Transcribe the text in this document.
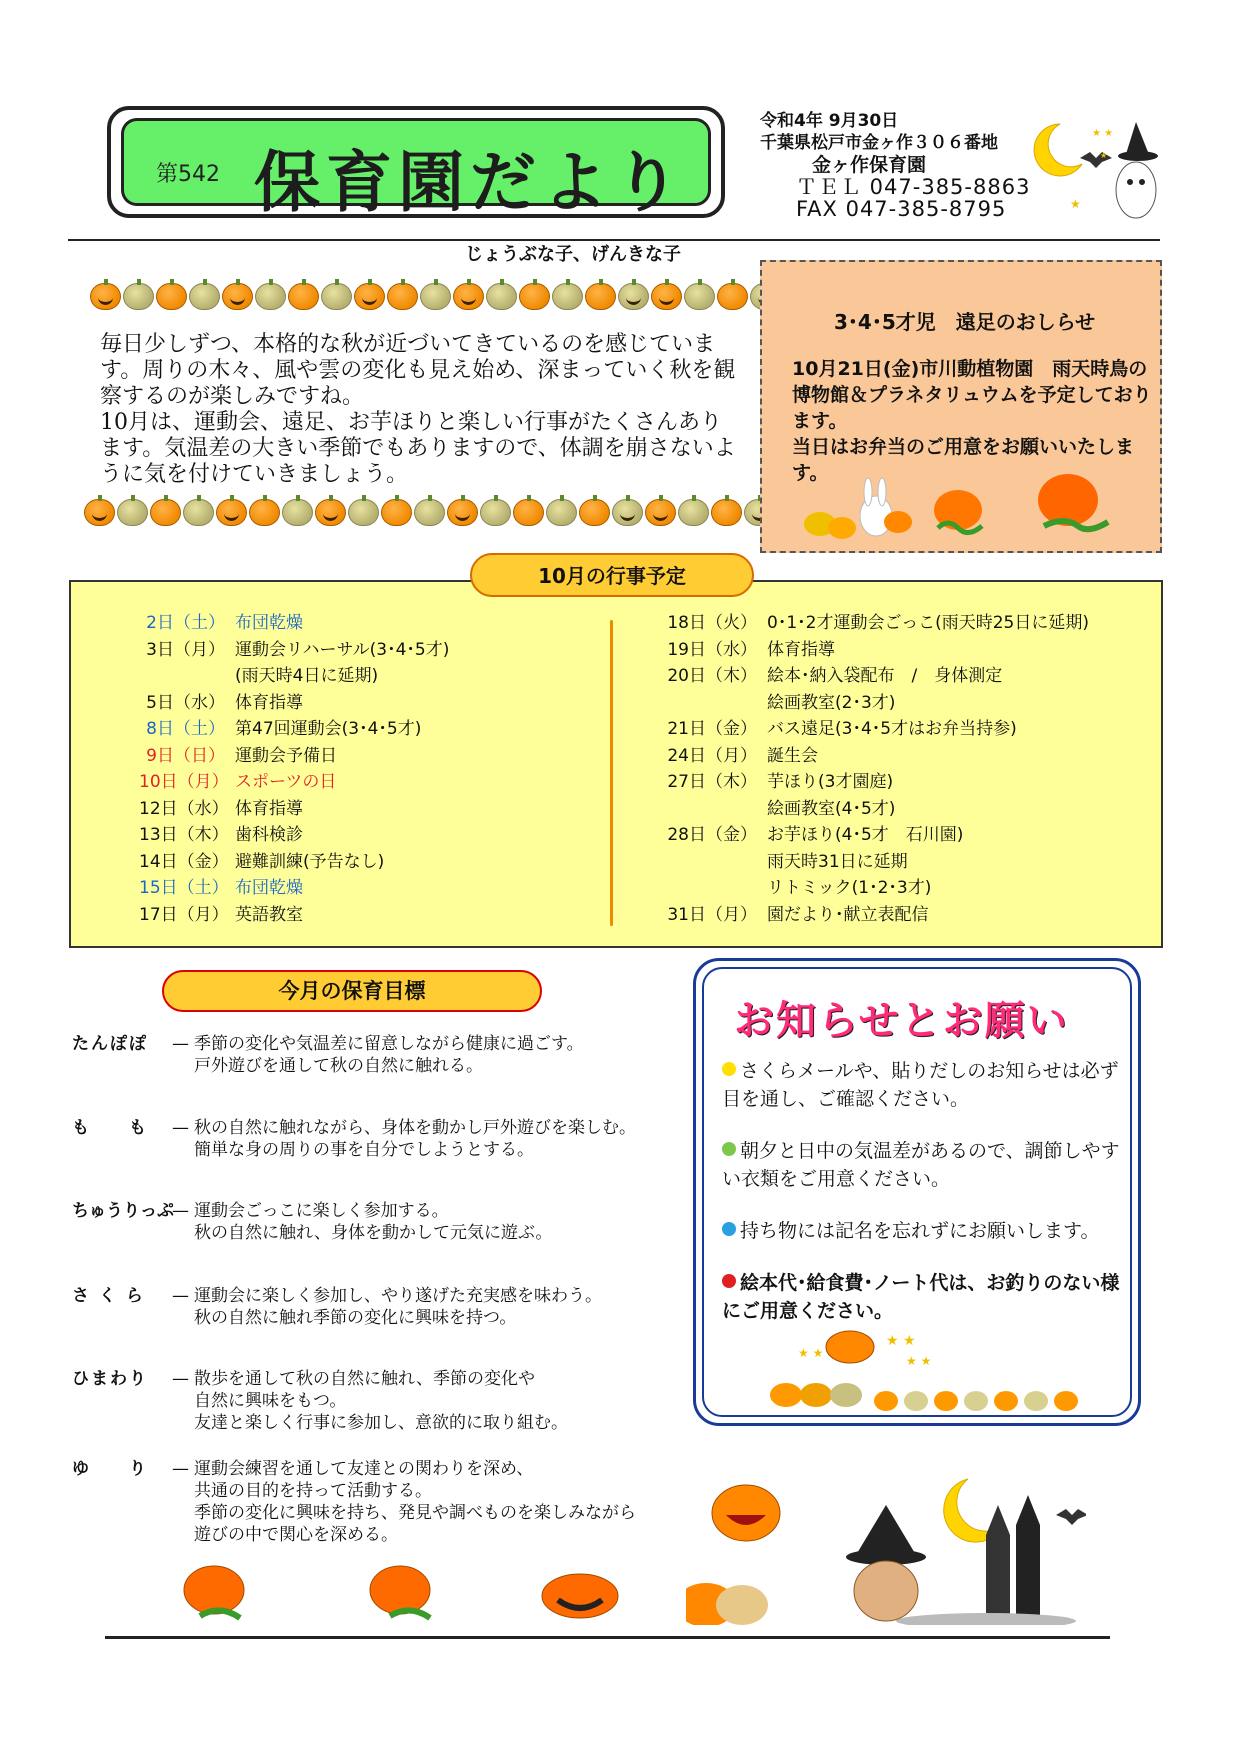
第542 保育園だより
令和4年 9月30日
千葉県松戸市金ヶ作３０６番地
金ヶ作保育園
ＴＥＬ 047-385-8863
FAX 047-385-8795
★ ★
★
★
じょうぶな子、げんきな子

毎日少しずつ、本格的な秋が近づいてきているのを感じています。周りの木々、風や雲の変化も見え始め、深まっていく秋を観察するのが楽しみですね。

10月は、運動会、遠足、お芋ほりと楽しい行事がたくさんあります。気温差の大きい季節でもありますので、体調を崩さないように気を付けていきましょう。

3･4･5才児　遠足のおしらせ

10月21日(金)市川動植物園　雨天時鳥の博物館＆プラネタリュウムを予定しております。

当日はお弁当のご用意をお願いいたします。

2日（土） 布団乾燥
3日（月） 運動会リハーサル(3･4･5才)
(雨天時4日に延期)
5日（水） 体育指導
8日（土） 第47回運動会(3･4･5才)
9日（日） 運動会予備日
10日（月） スポーツの日
12日（水） 体育指導
13日（木） 歯科検診
14日（金） 避難訓練(予告なし)
15日（土） 布団乾燥
17日（月） 英語教室
18日（火） 0･1･2才運動会ごっこ(雨天時25日に延期)
19日（水） 体育指導
20日（木） 絵本･納入袋配布　/　身体測定
絵画教室(2･3才)
21日（金） バス遠足(3･4･5才はお弁当持参)
24日（月） 誕生会
27日（木） 芋ほり(3才園庭)
絵画教室(4･5才)
28日（金） お芋ほり(4･5才　石川園)
雨天時31日に延期
リトミック(1･2･3才)
31日（月） 園だより･献立表配信
10月の行事予定
今月の保育目標
たんぽぽ	— 季節の変化や気温差に留意しながら健康に過ごす。

戸外遊びを通して秋の自然に触れる。

も　　も	— 秋の自然に触れながら、身体を動かし戸外遊びを楽しむ。

簡単な身の周りの事を自分でしようとする。

ちゅうりっぷ
— 運動会ごっこに楽しく参加する。

秋の自然に触れ、身体を動かして元気に遊ぶ。

さ く ら	— 運動会に楽しく参加し、やり遂げた充実感を味わう。

秋の自然に触れ季節の変化に興味を持つ。

ひまわり	— 散歩を通して秋の自然に触れ、季節の変化や

自然に興味をもつ。

友達と楽しく行事に参加し、意欲的に取り組む。

ゆ　　り	— 運動会練習を通して友達との関わりを深め、

共通の目的を持って活動する。

季節の変化に興味を持ち、発見や調べものを楽しみながら

遊びの中で関心を深める。

お知らせとお願い

さくらメールや、貼りだしのお知らせは必ず目を通し、ご確認ください。

朝夕と日中の気温差があるので、調節しやすい衣類をご用意ください。

持ち物には記名を忘れずにお願いします。

絵本代･給食費･ノート代は、お釣りのない様にご用意ください。

★ ★
★ ★
★ ★
